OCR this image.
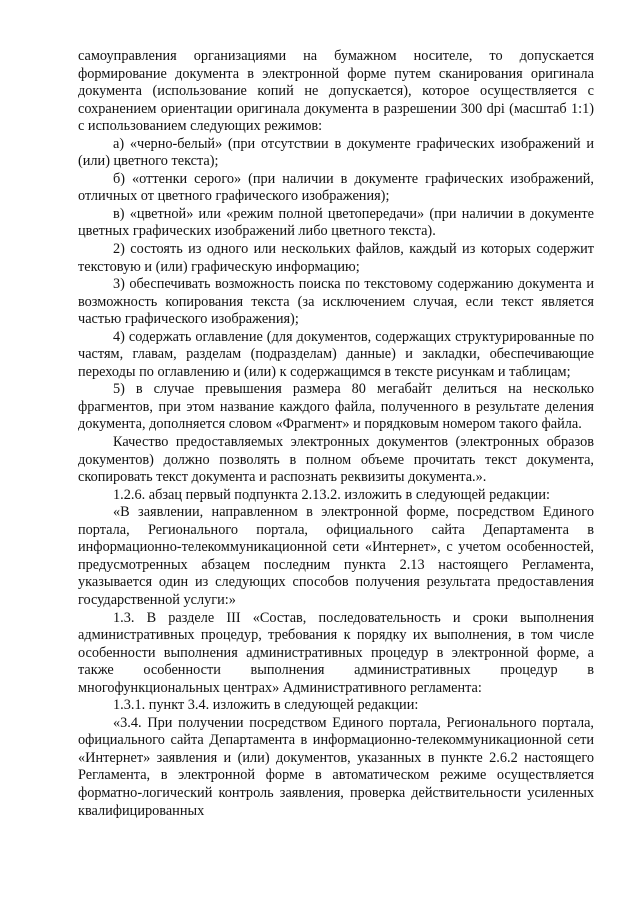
самоуправления организациями на бумажном носителе, то допускается формирование документа в электронной форме путем сканирования оригинала документа (использование копий не допускается), которое осуществляется с сохранением ориентации оригинала документа в разрешении 300 dpi (масштаб 1:1) с использованием следующих режимов:

а) «черно-белый» (при отсутствии в документе графических изображений и (или) цветного текста);

б) «оттенки серого» (при наличии в документе графических изображений, отличных от цветного графического изображения);

в) «цветной» или «режим полной цветопередачи» (при наличии в документе цветных графических изображений либо цветного текста).

2) состоять из одного или нескольких файлов, каждый из которых содержит текстовую и (или) графическую информацию;

3) обеспечивать возможность поиска по текстовому содержанию документа и возможность копирования текста (за исключением случая, если текст является частью графического изображения);

4) содержать оглавление (для документов, содержащих структурированные по частям, главам, разделам (подразделам) данные) и закладки, обеспечивающие переходы по оглавлению и (или) к содержащимся в тексте рисункам и таблицам;

5) в случае превышения размера 80 мегабайт делиться на несколько фрагментов, при этом название каждого файла, полученного в результате деления документа, дополняется словом «Фрагмент» и порядковым номером такого файла.

Качество предоставляемых электронных документов (электронных образов документов) должно позволять в полном объеме прочитать текст документа, скопировать текст документа и распознать реквизиты документа.».

1.2.6. абзац первый подпункта 2.13.2. изложить в следующей редакции:

«В заявлении, направленном в электронной форме, посредством Единого портала, Регионального портала, официального сайта Департамента в информационно-телекоммуникационной сети «Интернет», с учетом особенностей, предусмотренных абзацем последним пункта 2.13 настоящего Регламента, указывается один из следующих способов получения результата предоставления государственной услуги:»

1.3. В разделе III «Состав, последовательность и сроки выполнения административных процедур, требования к порядку их выполнения, в том числе особенности выполнения административных процедур в электронной форме, а также особенности выполнения административных процедур в многофункциональных центрах» Административного регламента:

1.3.1. пункт 3.4. изложить в следующей редакции:

«3.4. При получении посредством Единого портала, Регионального портала, официального сайта Департамента в информационно-телекоммуникационной сети «Интернет» заявления и (или) документов, указанных в пункте 2.6.2 настоящего Регламента, в электронной форме в автоматическом режиме осуществляется форматно-логический контроль заявления, проверка действительности усиленных квалифицированных
